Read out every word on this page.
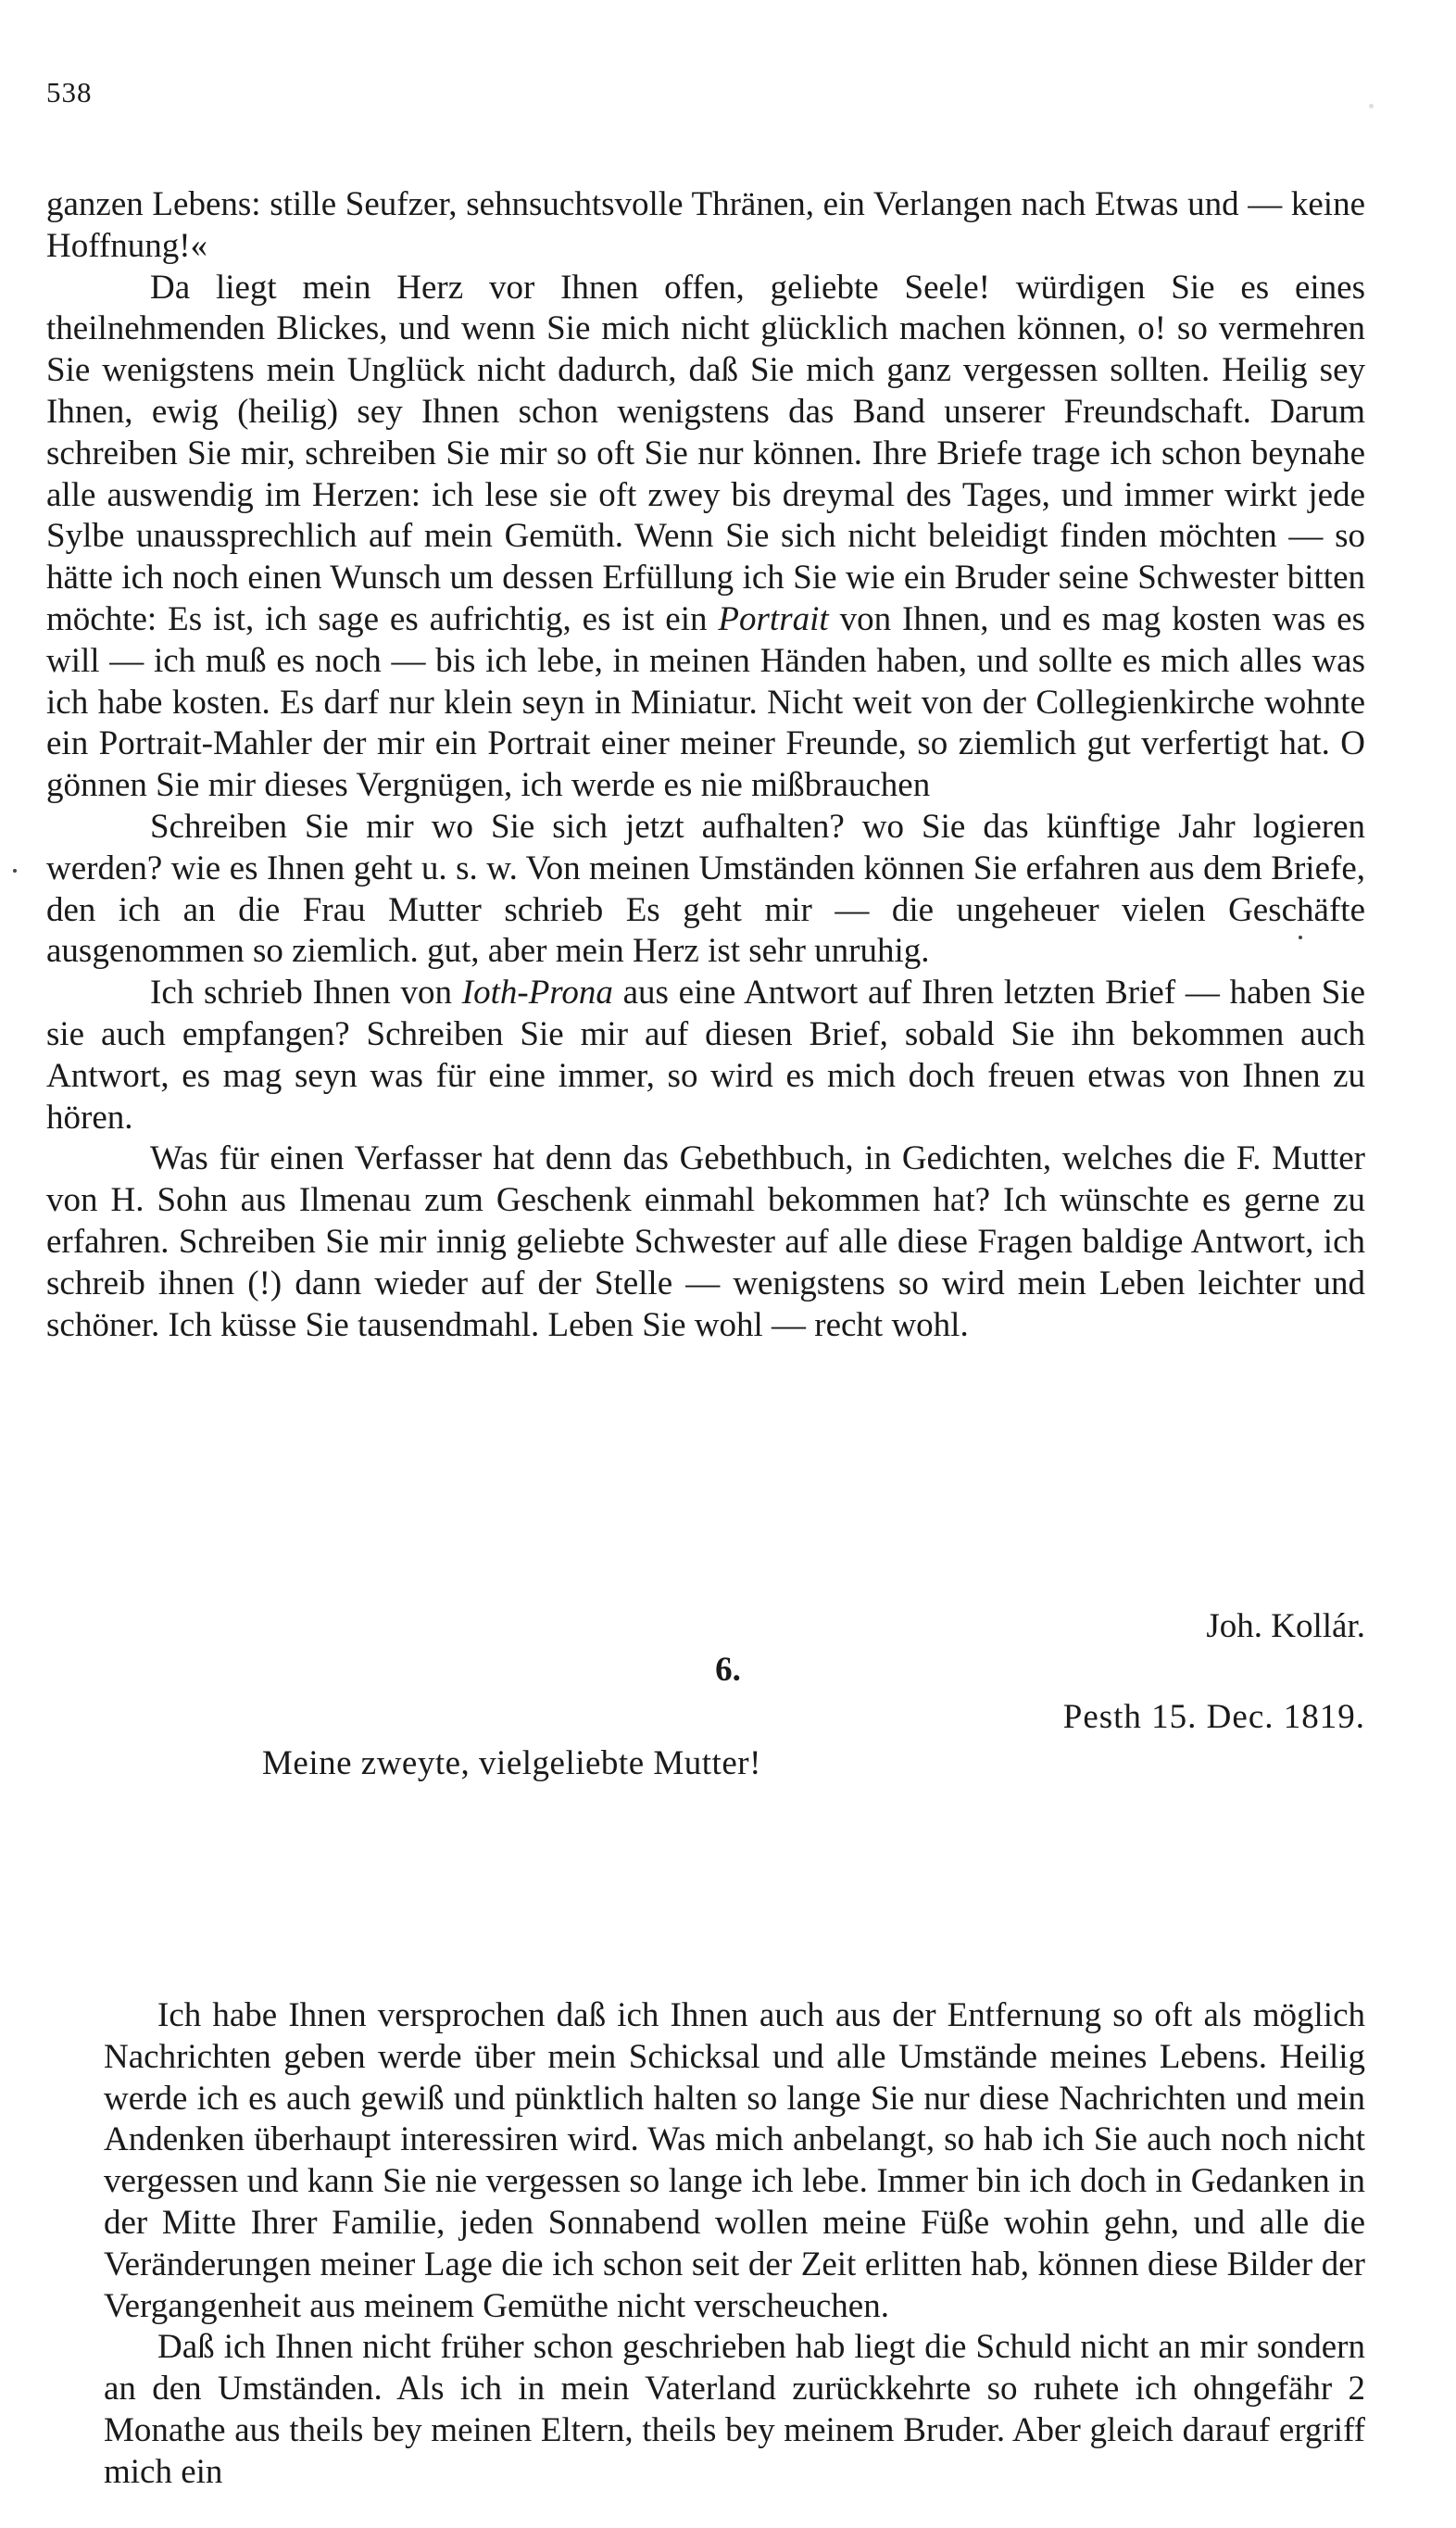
538

ganzen Lebens: stille Seufzer, sehnsuchtsvolle Thränen, ein Verlangen nach Etwas und — keine Hoffnung!«

Da liegt mein Herz vor Ihnen offen, geliebte Seele! würdigen Sie es eines theilnehmenden Blickes, und wenn Sie mich nicht glücklich machen können, o! so vermehren Sie wenigstens mein Unglück nicht dadurch, daß Sie mich ganz vergessen sollten. Heilig sey Ihnen, ewig (heilig) sey Ihnen schon wenigstens das Band unserer Freundschaft. Darum schreiben Sie mir, schreiben Sie mir so oft Sie nur können. Ihre Briefe trage ich schon beynahe alle auswendig im Herzen: ich lese sie oft zwey bis dreymal des Tages, und immer wirkt jede Sylbe unaussprechlich auf mein Gemüth. Wenn Sie sich nicht beleidigt finden möchten — so hätte ich noch einen Wunsch um dessen Erfüllung ich Sie wie ein Bruder seine Schwester bitten möchte: Es ist, ich sage es aufrichtig, es ist ein Portrait von Ihnen, und es mag kosten was es will — ich muß es noch — bis ich lebe, in meinen Händen haben, und sollte es mich alles was ich habe kosten. Es darf nur klein seyn in Miniatur. Nicht weit von der Collegienkirche wohnte ein Portrait-Mahler der mir ein Portrait einer meiner Freunde, so ziemlich gut verfertigt hat. O gönnen Sie mir dieses Vergnügen, ich werde es nie mißbrauchen

Schreiben Sie mir wo Sie sich jetzt aufhalten? wo Sie das künftige Jahr logieren werden? wie es Ihnen geht u. s. w. Von meinen Umständen können Sie erfahren aus dem Briefe, den ich an die Frau Mutter schrieb Es geht mir — die ungeheuer vielen Geschäfte ausgenommen so ziemlich. gut, aber mein Herz ist sehr unruhig.

Ich schrieb Ihnen von Ioth-Prona aus eine Antwort auf Ihren letzten Brief — haben Sie sie auch empfangen? Schreiben Sie mir auf diesen Brief, sobald Sie ihn bekommen auch Antwort, es mag seyn was für eine immer, so wird es mich doch freuen etwas von Ihnen zu hören.

Was für einen Verfasser hat denn das Gebethbuch, in Gedichten, welches die F. Mutter von H. Sohn aus Ilmenau zum Geschenk einmahl bekommen hat? Ich wünschte es gerne zu erfahren. Schreiben Sie mir innig geliebte Schwester auf alle diese Fragen baldige Antwort, ich schreib ihnen (!) dann wieder auf der Stelle — wenigstens so wird mein Leben leichter und schöner. Ich küsse Sie tausendmahl. Leben Sie wohl — recht wohl.

Joh. Kollár.
6.
Pesth 15. Dec. 1819.
Meine zweyte, vielgeliebte Mutter!

Ich habe Ihnen versprochen daß ich Ihnen auch aus der Entfernung so oft als möglich Nachrichten geben werde über mein Schicksal und alle Umstände meines Lebens. Heilig werde ich es auch gewiß und pünktlich halten so lange Sie nur diese Nachrichten und mein Andenken überhaupt interessiren wird. Was mich anbelangt, so hab ich Sie auch noch nicht vergessen und kann Sie nie vergessen so lange ich lebe. Immer bin ich doch in Gedanken in der Mitte Ihrer Familie, jeden Sonnabend wollen meine Füße wohin gehn, und alle die Veränderungen meiner Lage die ich schon seit der Zeit erlitten hab, können diese Bilder der Vergangenheit aus meinem Gemüthe nicht verscheuchen.

Daß ich Ihnen nicht früher schon geschrieben hab liegt die Schuld nicht an mir sondern an den Umständen. Als ich in mein Vaterland zurückkehrte so ruhete ich ohngefähr 2 Monathe aus theils bey meinen Eltern, theils bey meinem Bruder. Aber gleich darauf ergriff mich ein
